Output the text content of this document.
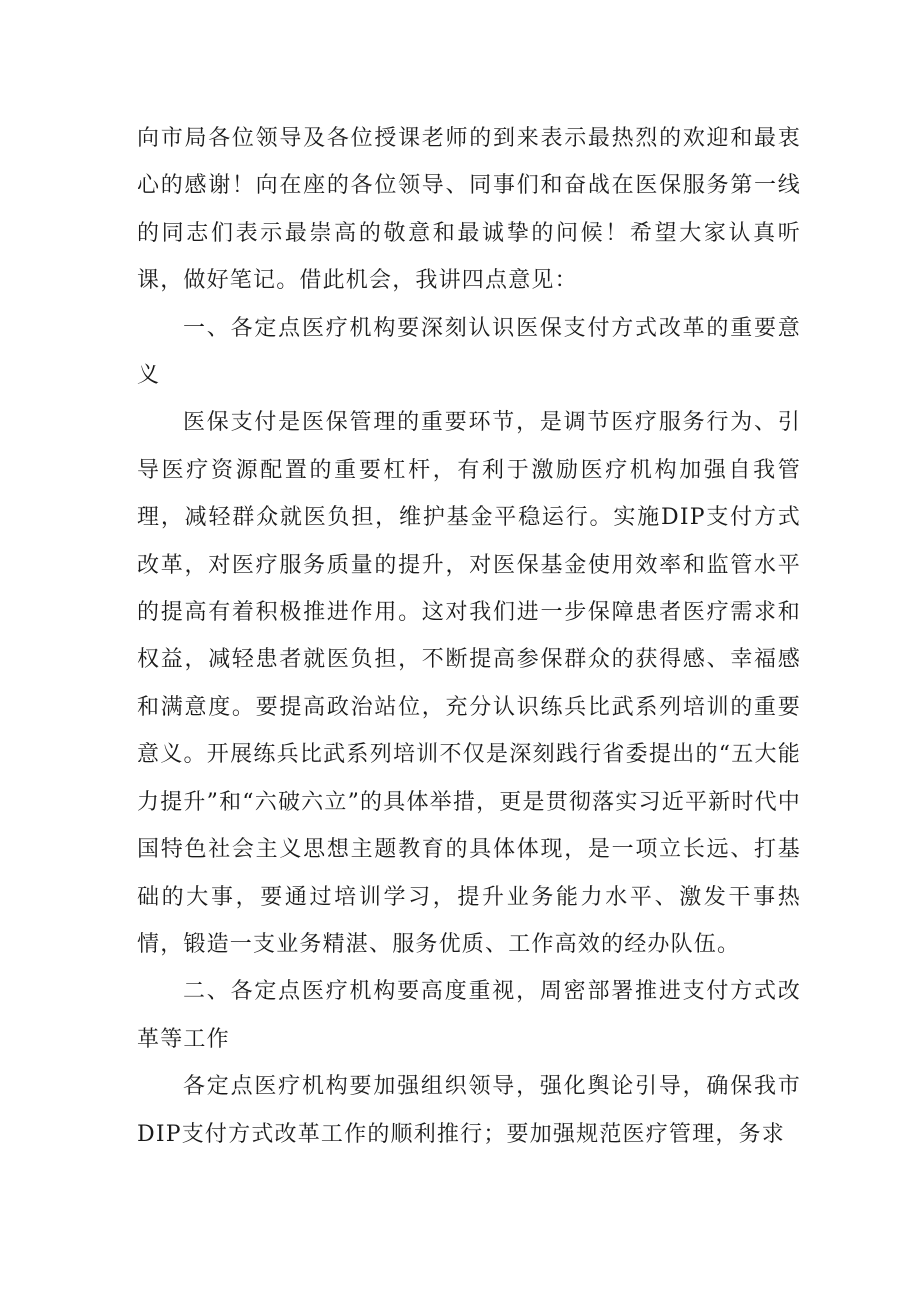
向市局各位领导及各位授课老师的到来表示最热烈的欢迎和最衷心的感谢！向在座的各位领导、同事们和奋战在医保服务第一线的同志们表示最崇高的敬意和最诚挚的问候！希望大家认真听课，做好笔记。借此机会，我讲四点意见：

一、各定点医疗机构要深刻认识医保支付方式改革的重要意义

医保支付是医保管理的重要环节，是调节医疗服务行为、引导医疗资源配置的重要杠杆，有利于激励医疗机构加强自我管理，减轻群众就医负担，维护基金平稳运行。实施DIP支付方式改革，对医疗服务质量的提升，对医保基金使用效率和监管水平的提高有着积极推进作用。这对我们进一步保障患者医疗需求和权益，减轻患者就医负担，不断提高参保群众的获得感、幸福感和满意度。要提高政治站位，充分认识练兵比武系列培训的重要意义。开展练兵比武系列培训不仅是深刻践行省委提出的“五大能力提升”和“六破六立”的具体举措，更是贯彻落实习近平新时代中国特色社会主义思想主题教育的具体体现，是一项立长远、打基础的大事，要通过培训学习，提升业务能力水平、激发干事热情，锻造一支业务精湛、服务优质、工作高效的经办队伍。

二、各定点医疗机构要高度重视，周密部署推进支付方式改革等工作

各定点医疗机构要加强组织领导，强化舆论引导，确保我市DIP支付方式改革工作的顺利推行；要加强规范医疗管理，务求
